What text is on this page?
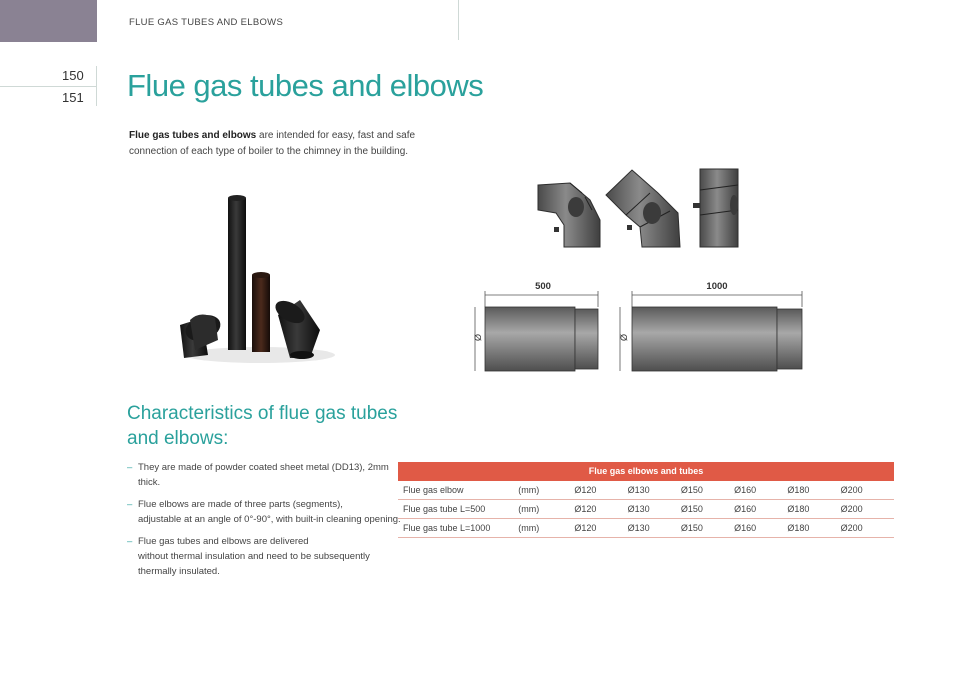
FLUE GAS TUBES AND ELBOWS
150
151 Flue gas tubes and elbows
Flue gas tubes and elbows are intended for easy, fast and safe connection of each type of boiler to the chimney in the building.
500
Ø
1000
Ø
Characteristics of flue gas tubes and elbows:
– They are made of powder coated sheet metal (DD13), 2mm thick.
– Flue elbows are made of three parts (segments),
adjustable at an angle of 0°-90°, with built-in cleaning opening.
– Flue gas tubes and elbows are delivered
without thermal insulation and need to be subsequently thermally insulated.
Flue gas elbows and tubes
Flue gas elbow	(mm)	Ø120	Ø130	Ø150	Ø160	Ø180	Ø200
Flue gas tube L=500	(mm)	Ø120	Ø130	Ø150	Ø160	Ø180	Ø200
Flue gas tube L=1000	(mm)	Ø120	Ø130	Ø150	Ø160	Ø180	Ø200
